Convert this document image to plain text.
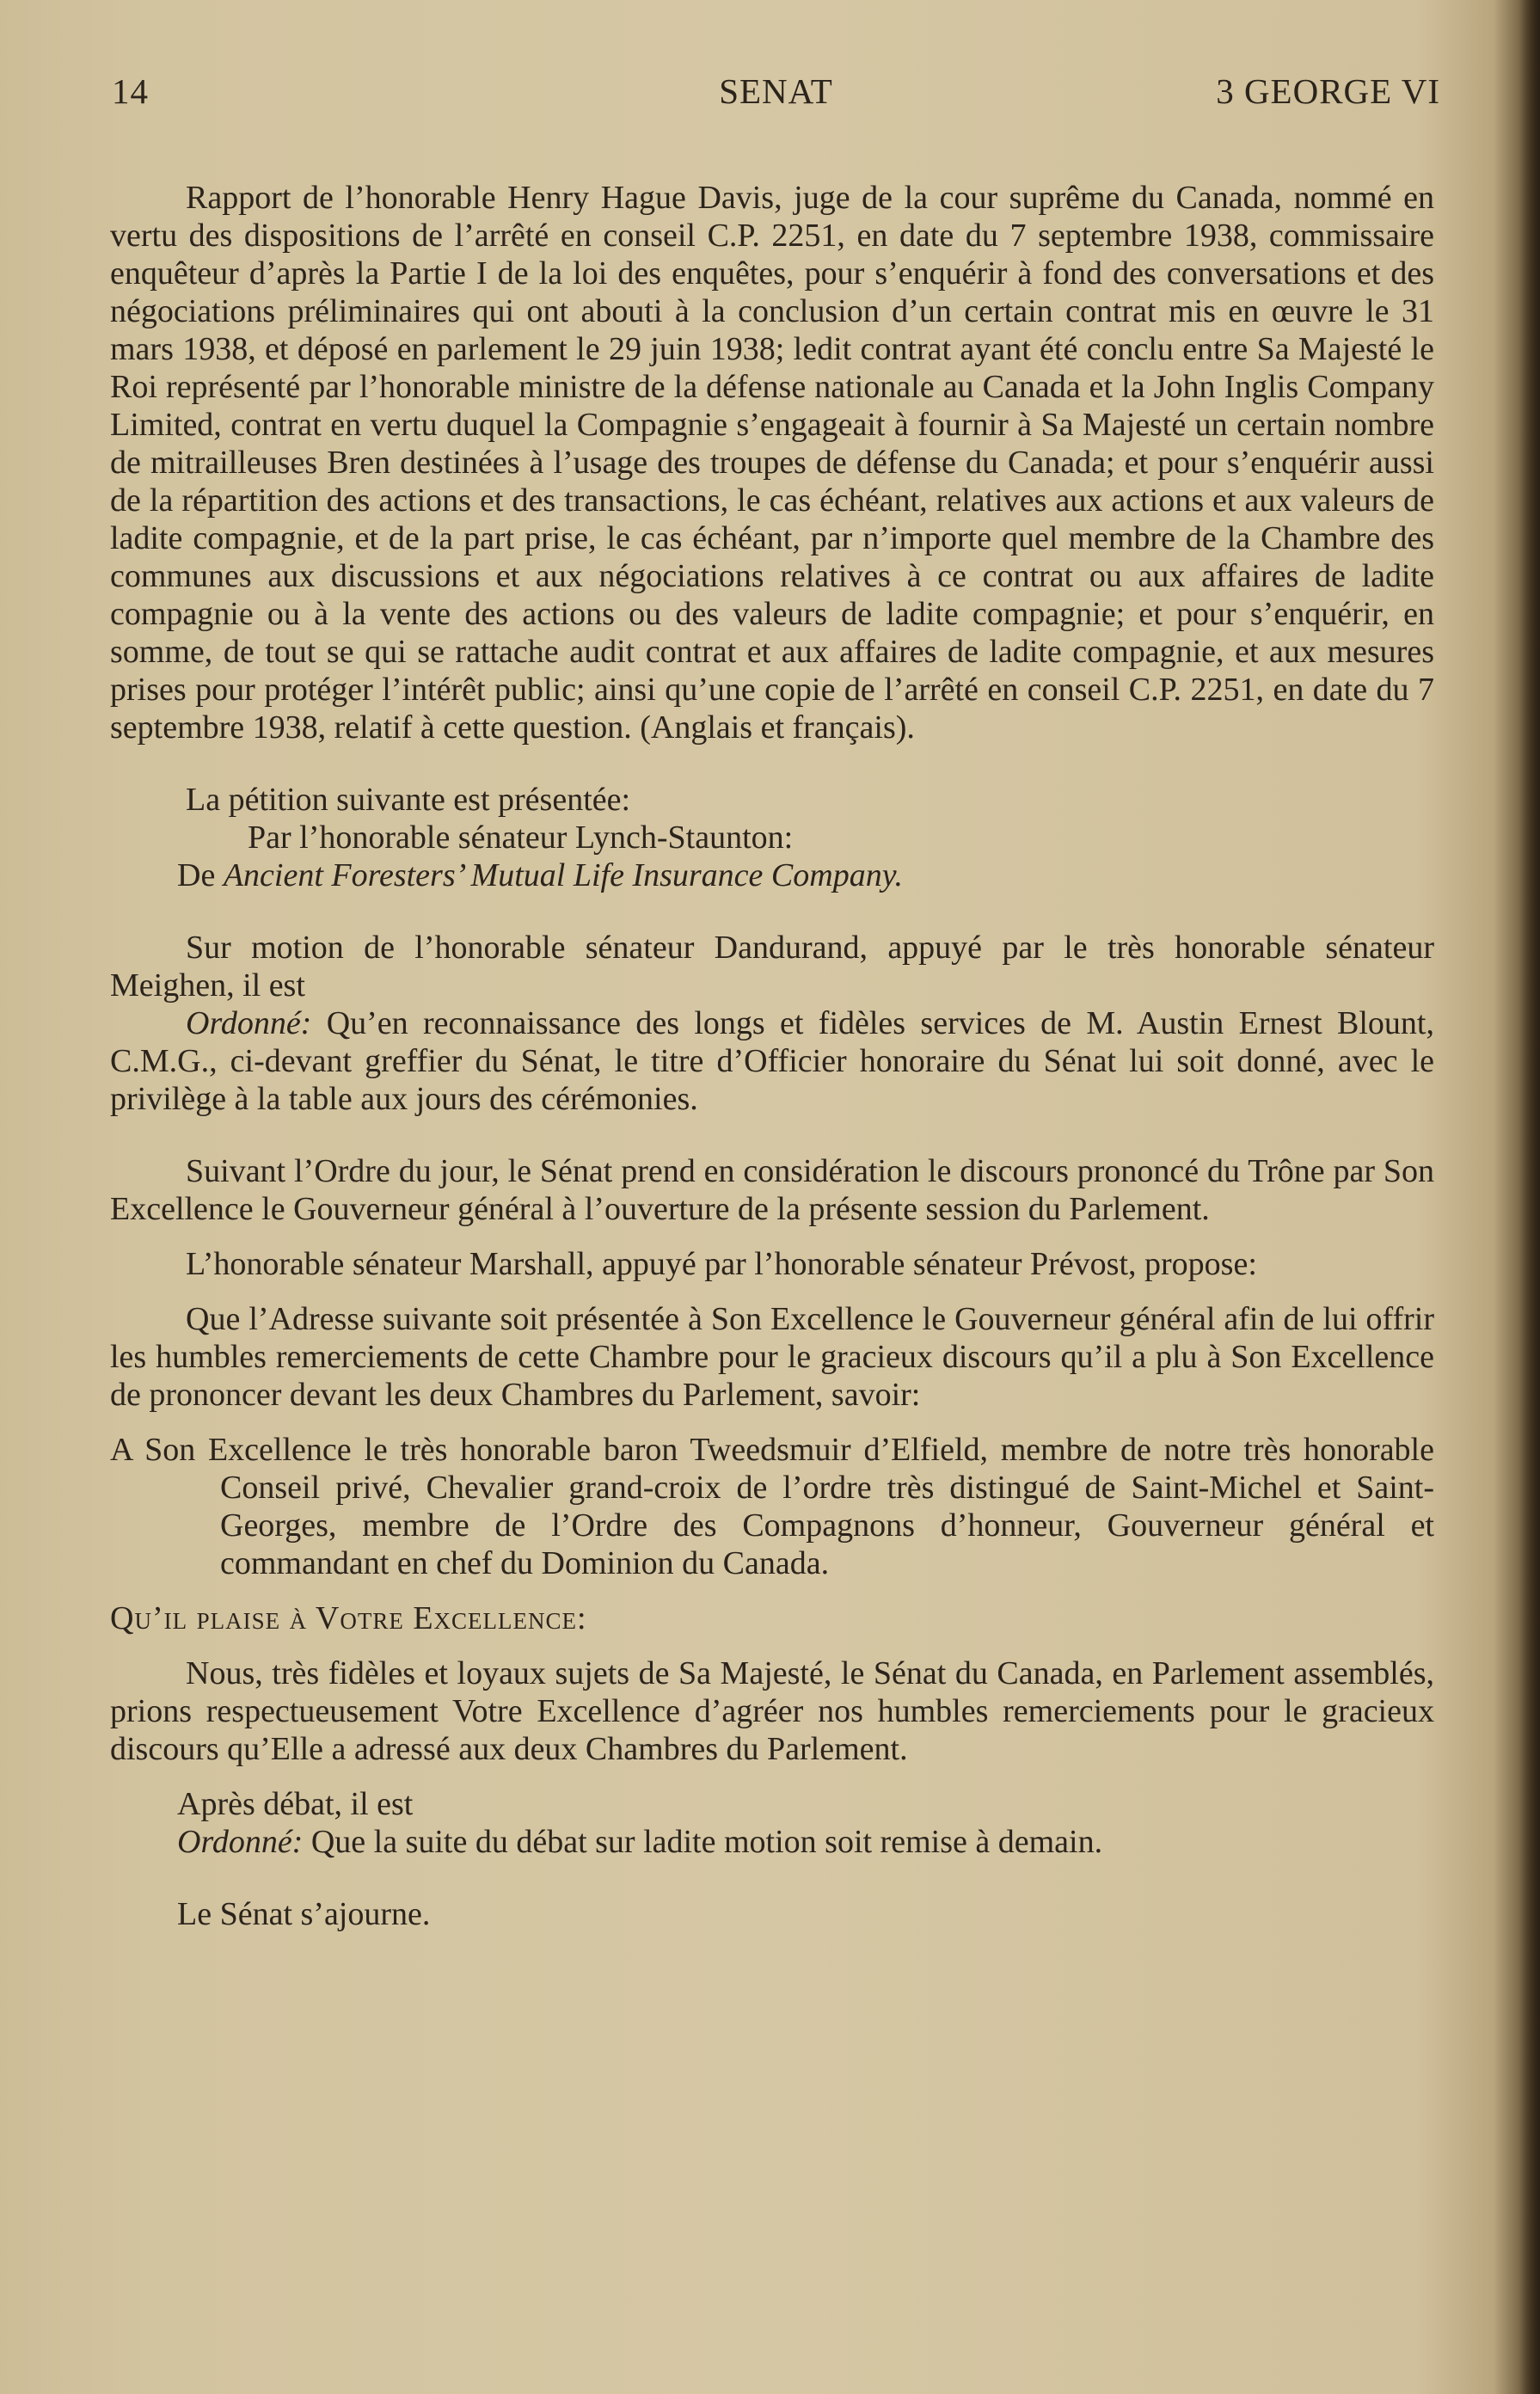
14	SENAT	3 GEORGE VI

Rapport de l’honorable Henry Hague Davis, juge de la cour suprême du Canada, nommé en vertu des dispositions de l’arrêté en conseil C.P. 2251, en date du 7 septembre 1938, commissaire enquêteur d’après la Partie I de la loi des enquêtes, pour s’enquérir à fond des conversations et des négociations préliminaires qui ont abouti à la conclusion d’un certain contrat mis en œuvre le 31 mars 1938, et déposé en parlement le 29 juin 1938; ledit contrat ayant été conclu entre Sa Majesté le Roi représenté par l’honorable ministre de la défense nationale au Canada et la John Inglis Company Limited, contrat en vertu duquel la Compagnie s’engageait à fournir à Sa Majesté un certain nombre de mitrailleuses Bren destinées à l’usage des troupes de défense du Canada; et pour s’enquérir aussi de la répartition des actions et des transactions, le cas échéant, relatives aux actions et aux valeurs de ladite compagnie, et de la part prise, le cas échéant, par n’importe quel membre de la Chambre des communes aux discussions et aux négociations relatives à ce contrat ou aux affaires de ladite compagnie ou à la vente des actions ou des valeurs de ladite compagnie; et pour s’enquérir, en somme, de tout se qui se rattache audit contrat et aux affaires de ladite compagnie, et aux mesures prises pour protéger l’intérêt public; ainsi qu’une copie de l’arrêté en conseil C.P. 2251, en date du 7 septembre 1938, relatif à cette question. (Anglais et français).

La pétition suivante est présentée:

Par l’honorable sénateur Lynch-Staunton:

De Ancient Foresters’ Mutual Life Insurance Company.

Sur motion de l’honorable sénateur Dandurand, appuyé par le très honorable sénateur Meighen, il est

Ordonné: Qu’en reconnaissance des longs et fidèles services de M. Austin Ernest Blount, C.M.G., ci-devant greffier du Sénat, le titre d’Officier honoraire du Sénat lui soit donné, avec le privilège à la table aux jours des cérémonies.

Suivant l’Ordre du jour, le Sénat prend en considération le discours prononcé du Trône par Son Excellence le Gouverneur général à l’ouverture de la présente session du Parlement.

L’honorable sénateur Marshall, appuyé par l’honorable sénateur Prévost, propose:

Que l’Adresse suivante soit présentée à Son Excellence le Gouverneur général afin de lui offrir les humbles remerciements de cette Chambre pour le gracieux discours qu’il a plu à Son Excellence de prononcer devant les deux Chambres du Parlement, savoir:

A Son Excellence le très honorable baron Tweedsmuir d’Elfield, membre de notre très honorable Conseil privé, Chevalier grand-croix de l’ordre très distingué de Saint-Michel et Saint-Georges, membre de l’Ordre des Compagnons d’honneur, Gouverneur général et commandant en chef du Dominion du Canada.

Qu’il plaise à Votre Excellence:

Nous, très fidèles et loyaux sujets de Sa Majesté, le Sénat du Canada, en Parlement assemblés, prions respectueusement Votre Excellence d’agréer nos humbles remerciements pour le gracieux discours qu’Elle a adressé aux deux Chambres du Parlement.

Après débat, il est

Ordonné: Que la suite du débat sur ladite motion soit remise à demain.

Le Sénat s’ajourne.
